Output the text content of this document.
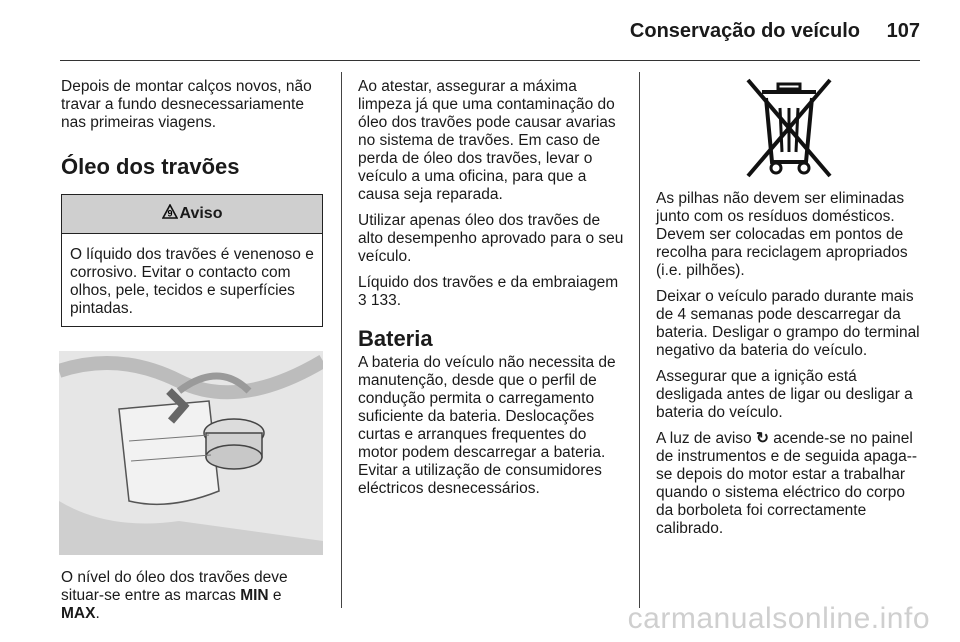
Conservação do veículo 107

Depois de montar calços novos, não travar a fundo desnecessariamente nas primeiras viagens.

Óleo dos travões
9 Aviso
O líquido dos travões é venenoso e corrosivo. Evitar o contacto com olhos, pele, tecidos e superfícies pintadas.

O nível do óleo dos travões deve situar-se entre as marcas MIN e MAX.

Ao atestar, assegurar a máxima limpeza já que uma contaminação do óleo dos travões pode causar avarias no sistema de travões. Em caso de perda de óleo dos travões, levar o veículo a uma oficina, para que a causa seja reparada.

Utilizar apenas óleo dos travões de alto desempenho aprovado para o seu veículo.

Líquido dos travões e da embraiagem
3 133.

Bateria

A bateria do veículo não necessita de manutenção, desde que o perfil de condução permita o carregamento suficiente da bateria. Deslocações curtas e arranques frequentes do motor podem descarregar a bateria. Evitar a utilização de consumidores eléctricos desnecessários.

As pilhas não devem ser eliminadas junto com os resíduos domésticos. Devem ser colocadas em pontos de recolha para reciclagem apropriados (i.e. pilhões).

Deixar o veículo parado durante mais de 4 semanas pode descarregar da bateria. Desligar o grampo do terminal negativo da bateria do veículo.

Assegurar que a ignição está desligada antes de ligar ou desligar a bateria do veículo.

A luz de aviso ↻ acende-se no painel de instrumentos e de seguida apaga--se depois do motor estar a trabalhar quando o sistema eléctrico do corpo da borboleta foi correctamente calibrado.

carmanualsonline.info
